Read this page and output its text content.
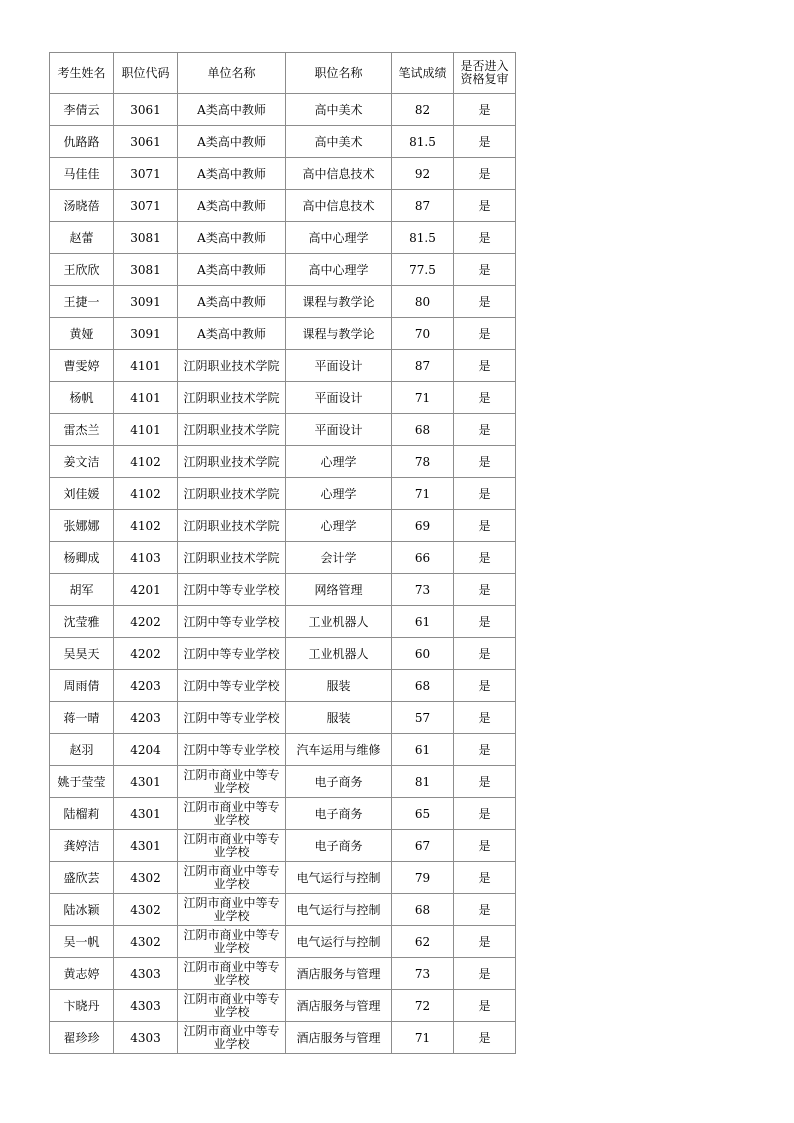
考生姓名	职位代码	单位名称	职位名称	笔试成绩	是否进入资格复审
李倩云	3061	A类高中教师	高中美术	82	是
仇路路	3061	A类高中教师	高中美术	81.5	是
马佳佳	3071	A类高中教师	高中信息技术	92	是
汤晓蓓	3071	A类高中教师	高中信息技术	87	是
赵蕾	3081	A类高中教师	高中心理学	81.5	是
王欣欣	3081	A类高中教师	高中心理学	77.5	是
王捷一	3091	A类高中教师	课程与教学论	80	是
黄娅	3091	A类高中教师	课程与教学论	70	是
曹雯婷	4101	江阴职业技术学院	平面设计	87	是
杨帆	4101	江阴职业技术学院	平面设计	71	是
雷杰兰	4101	江阴职业技术学院	平面设计	68	是
姜文洁	4102	江阴职业技术学院	心理学	78	是
刘佳媛	4102	江阴职业技术学院	心理学	71	是
张娜娜	4102	江阴职业技术学院	心理学	69	是
杨卿成	4103	江阴职业技术学院	会计学	66	是
胡军	4201	江阴中等专业学校	网络管理	73	是
沈莹雅	4202	江阴中等专业学校	工业机器人	61	是
吴昊天	4202	江阴中等专业学校	工业机器人	60	是
周雨倩	4203	江阴中等专业学校	服装	68	是
蒋一晴	4203	江阴中等专业学校	服装	57	是
赵羽	4204	江阴中等专业学校	汽车运用与维修	61	是
姚于莹莹	4301	江阴市商业中等专业学校	电子商务	81	是
陆榴莉	4301	江阴市商业中等专业学校	电子商务	65	是
龚婷洁	4301	江阴市商业中等专业学校	电子商务	67	是
盛欣芸	4302	江阴市商业中等专业学校	电气运行与控制	79	是
陆冰颖	4302	江阴市商业中等专业学校	电气运行与控制	68	是
吴一帆	4302	江阴市商业中等专业学校	电气运行与控制	62	是
黄志婷	4303	江阴市商业中等专业学校	酒店服务与管理	73	是
卞晓丹	4303	江阴市商业中等专业学校	酒店服务与管理	72	是
翟珍珍	4303	江阴市商业中等专业学校	酒店服务与管理	71	是
